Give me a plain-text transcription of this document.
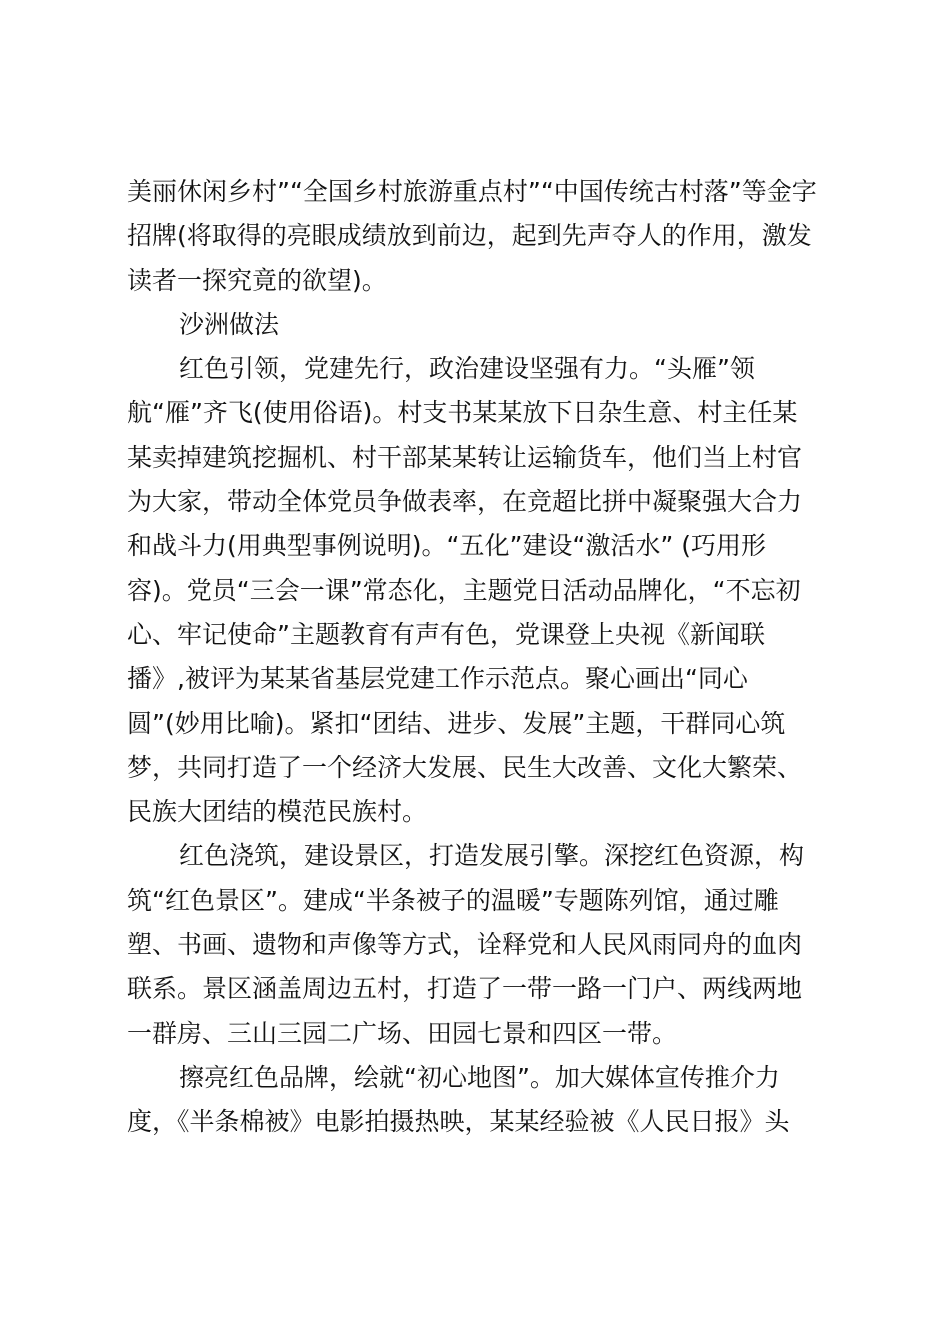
美丽休闲乡村”“全国乡村旅游重点村”“中国传统古村落”等金字
招牌(将取得的亮眼成绩放到前边，起到先声夺人的作用，激发
读者一探究竟的欲望)。
沙洲做法
红色引领，党建先行，政治建设坚强有力。“头雁”领
航“雁”齐飞(使用俗语)。村支书某某放下日杂生意、村主任某
某卖掉建筑挖掘机、村干部某某转让运输货车，他们当上村官
为大家，带动全体党员争做表率，在竞超比拼中凝聚强大合力
和战斗力(用典型事例说明)。“五化”建设“激活水” (巧用形
容)。党员“三会一课”常态化，主题党日活动品牌化，“不忘初
心、牢记使命”主题教育有声有色，党课登上央视《新闻联
播》,被评为某某省基层党建工作示范点。聚心画出“同心
圆”(妙用比喻)。紧扣“团结、进步、发展”主题，干群同心筑
梦，共同打造了一个经济大发展、民生大改善、文化大繁荣、
民族大团结的模范民族村。
红色浇筑，建设景区，打造发展引擎。深挖红色资源，构
筑“红色景区”。建成“半条被子的温暖”专题陈列馆，通过雕
塑、书画、遗物和声像等方式，诠释党和人民风雨同舟的血肉
联系。景区涵盖周边五村，打造了一带一路一门户、两线两地
一群房、三山三园二广场、田园七景和四区一带。
擦亮红色品牌，绘就“初心地图”。加大媒体宣传推介力
度，《半条棉被》电影拍摄热映，某某经验被《人民日报》头
